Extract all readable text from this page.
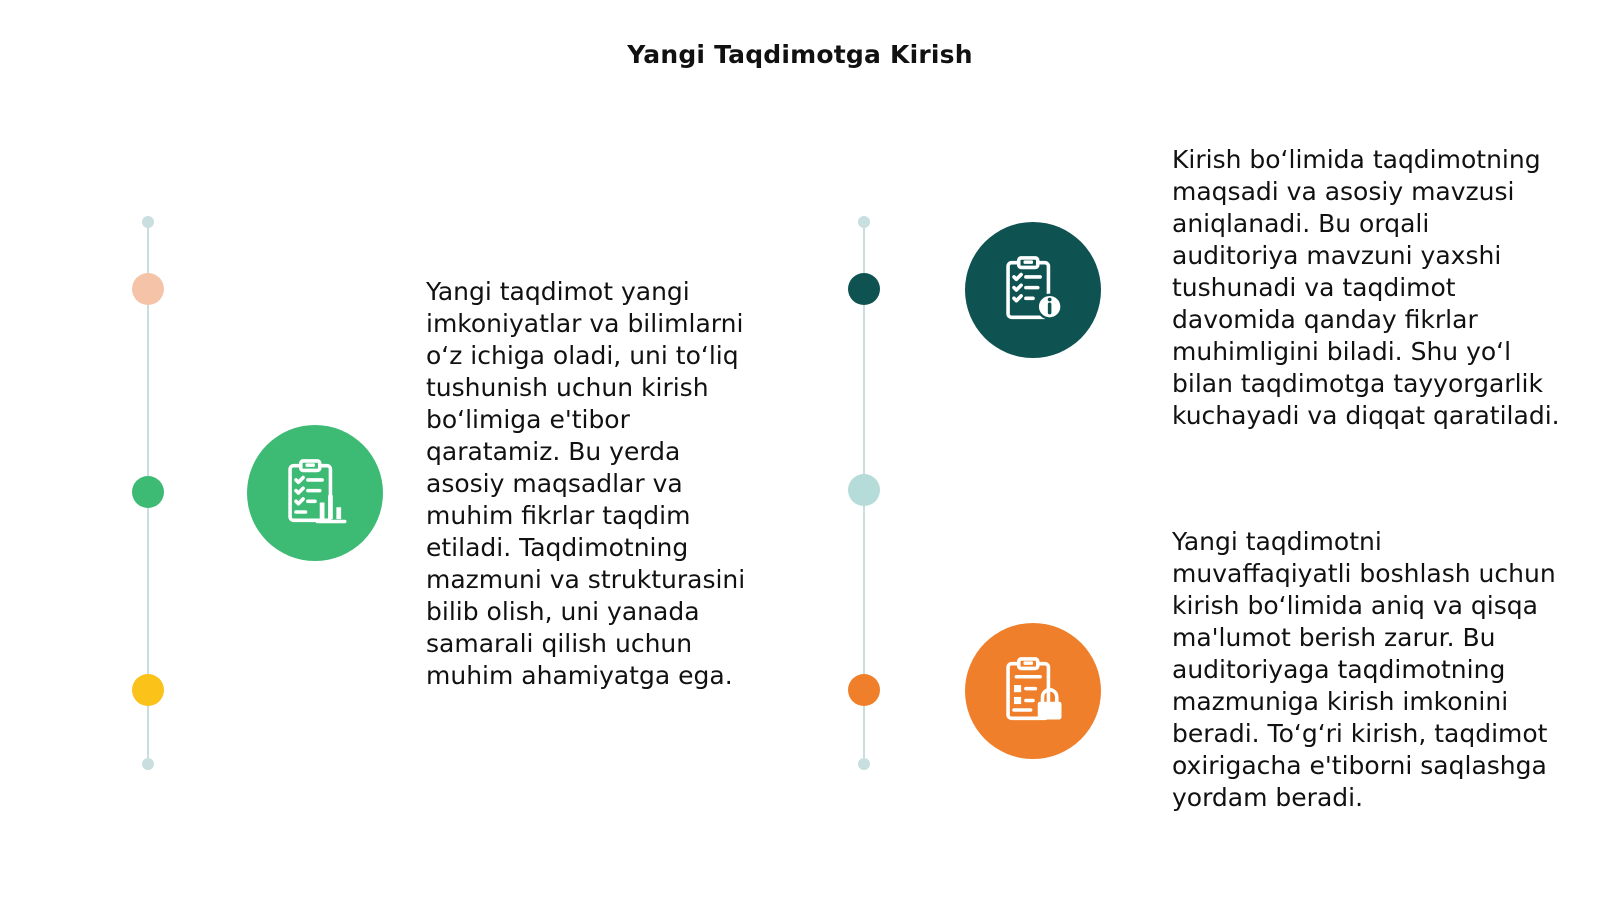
Yangi Taqdimotga Kirish
Yangi taqdimot yangi imkoniyatlar va bilimlarni o‘z ichiga oladi, uni to‘liq tushunish uchun kirish bo‘limiga e'tibor qaratamiz. Bu yerda asosiy maqsadlar va muhim fikrlar taqdim etiladi. Taqdimotning mazmuni va strukturasini bilib olish, uni yanada samarali qilish uchun muhim ahamiyatga ega.
Kirish bo‘limida taqdimotning maqsadi va asosiy mavzusi aniqlanadi. Bu orqali auditoriya mavzuni yaxshi tushunadi va taqdimot davomida qanday fikrlar muhimligini biladi. Shu yo‘l bilan taqdimotga tayyorgarlik kuchayadi va diqqat qaratiladi.
Yangi taqdimotni muvaffaqiyatli boshlash uchun kirish bo‘limida aniq va qisqa ma'lumot berish zarur. Bu auditoriyaga taqdimotning mazmuniga kirish imkonini beradi. To‘g‘ri kirish, taqdimot oxirigacha e'tiborni saqlashga yordam beradi.
